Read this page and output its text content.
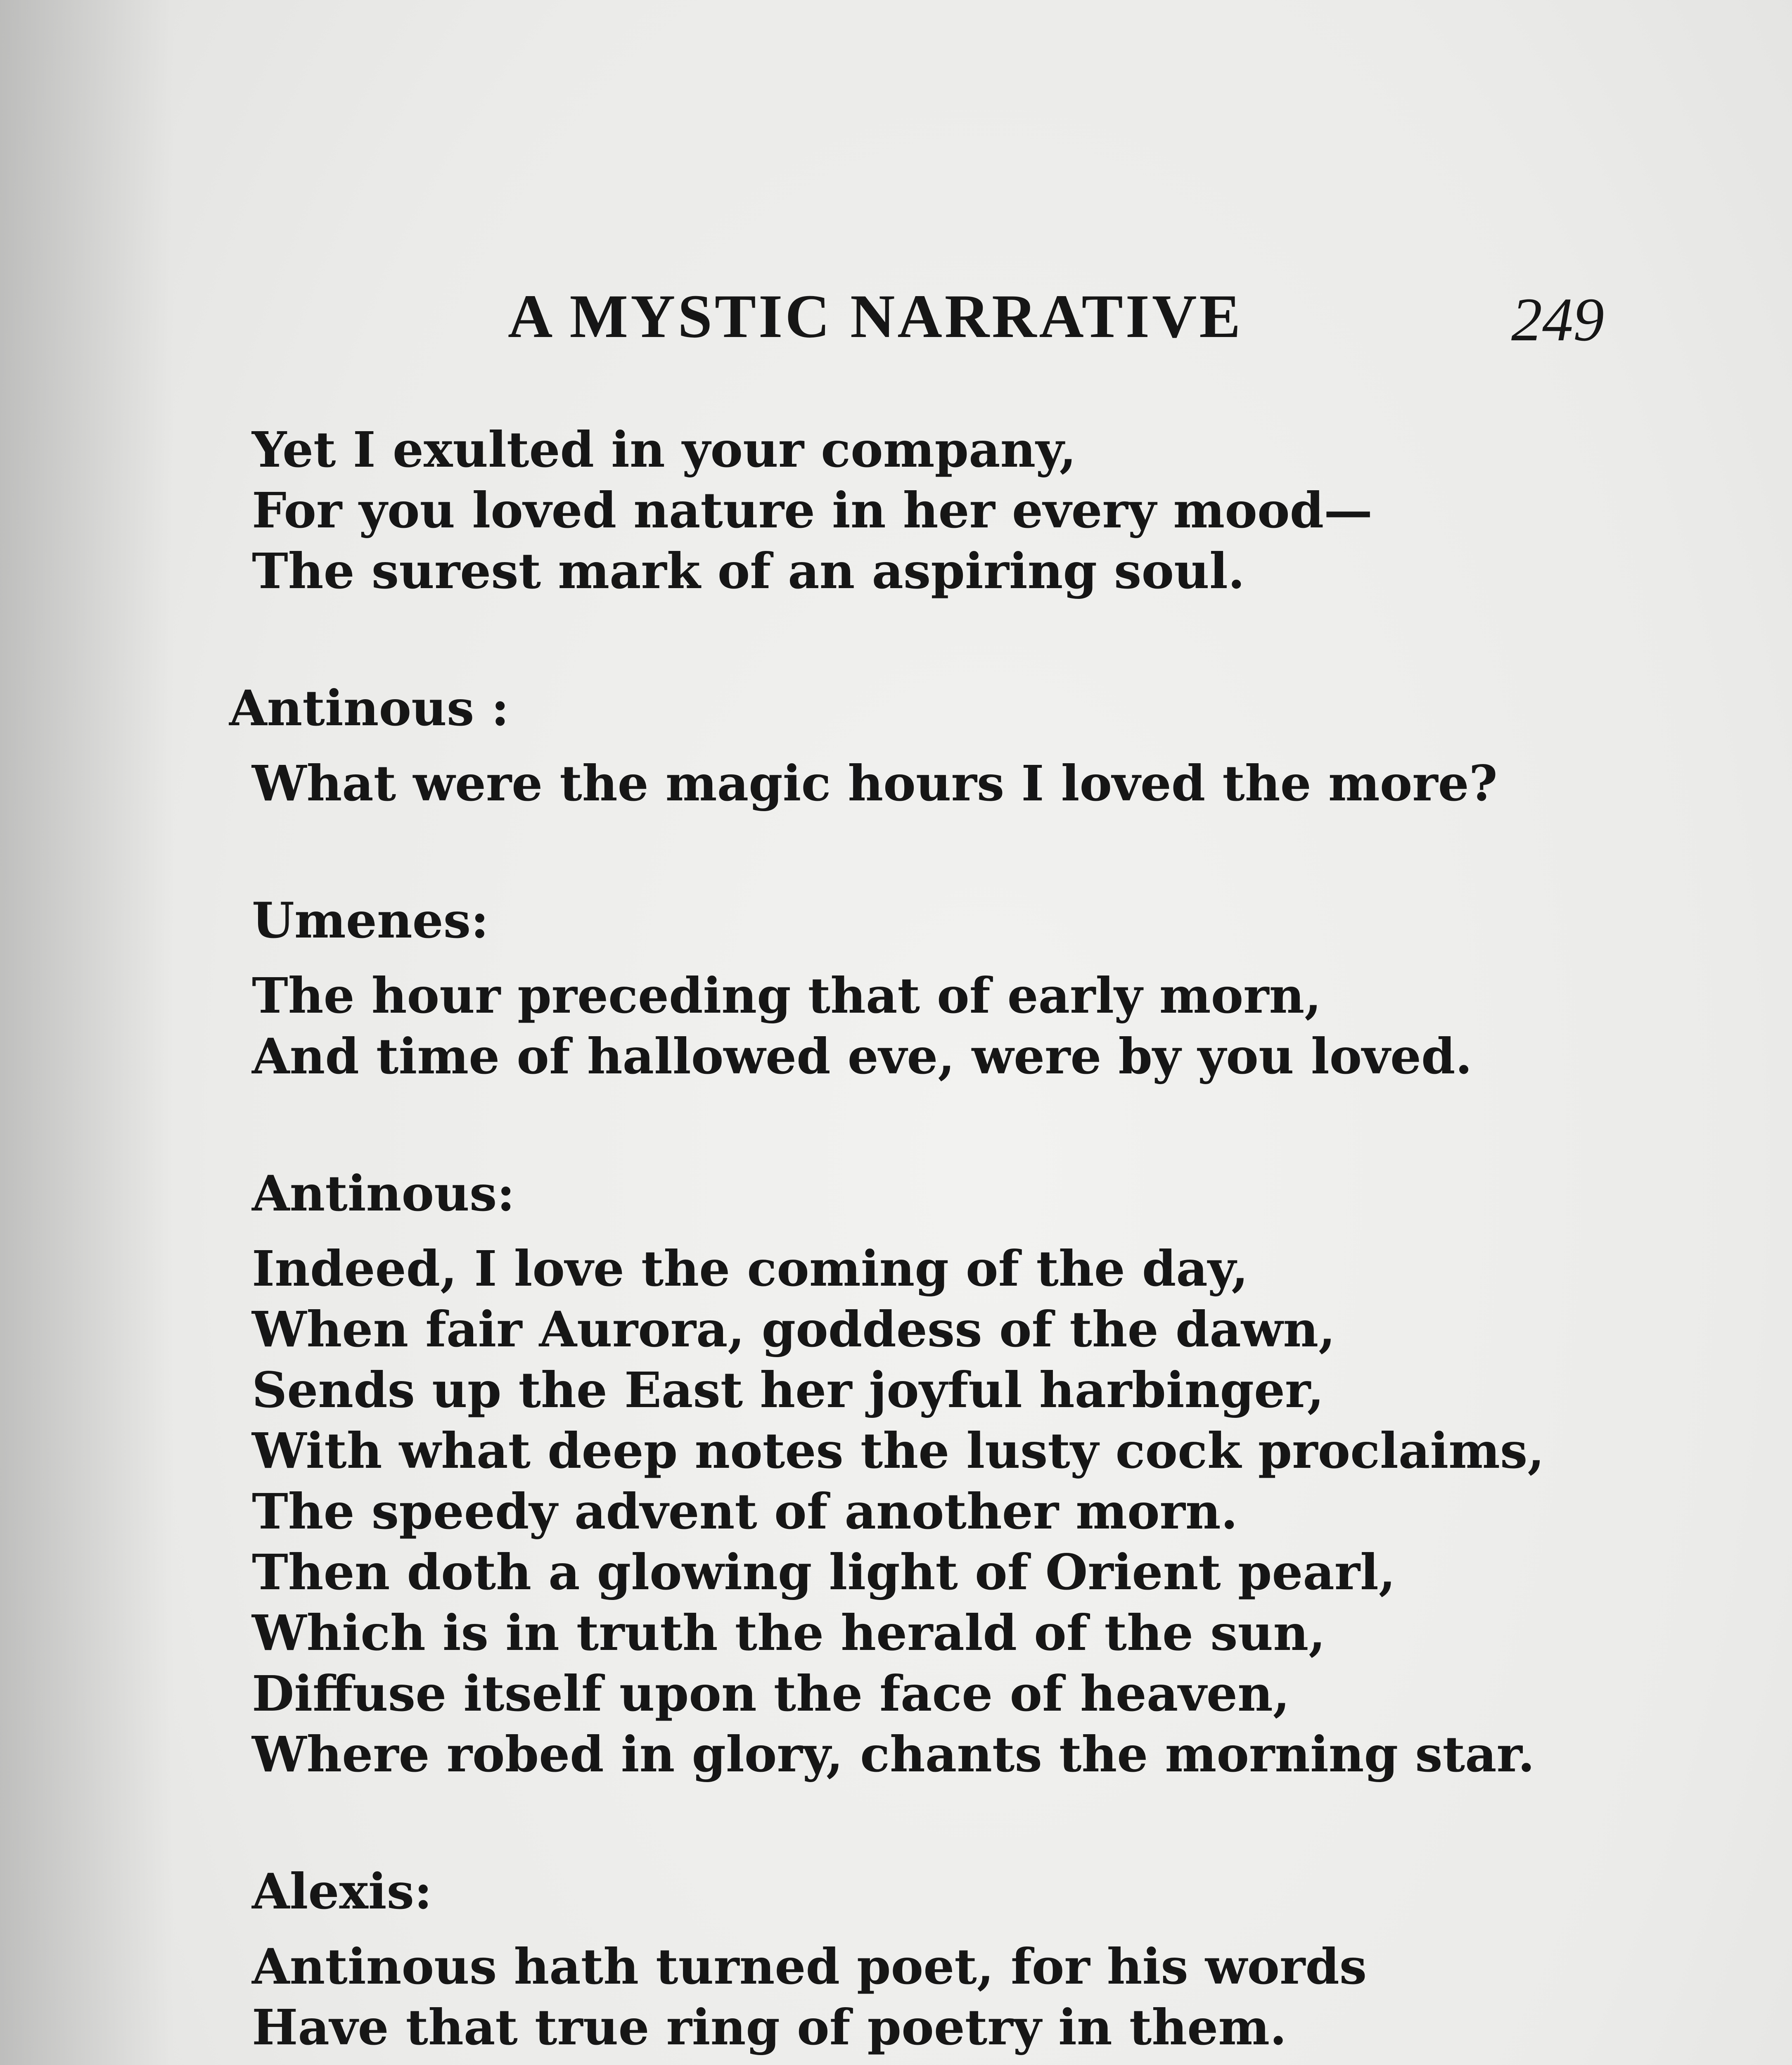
A MYSTIC NARRATIVE	249
Yet I exulted in your company,
For you loved nature in her every mood—
The surest mark of an aspiring soul.
Antinous :
What were the magic hours I loved the more?
Umenes:
The hour preceding that of early morn,
And time of hallowed eve, were by you loved.
Antinous:
Indeed, I love the coming of the day,
When fair Aurora, goddess of the dawn,
Sends up the East her joyful harbinger,
With what deep notes the lusty cock proclaims,
The speedy advent of another morn.
Then doth a glowing light of Orient pearl,
Which is in truth the herald of the sun,
Diffuse itself upon the face of heaven,
Where robed in glory, chants the morning star.
Alexis:
Antinous hath turned poet, for his words
Have that true ring of poetry in them.
